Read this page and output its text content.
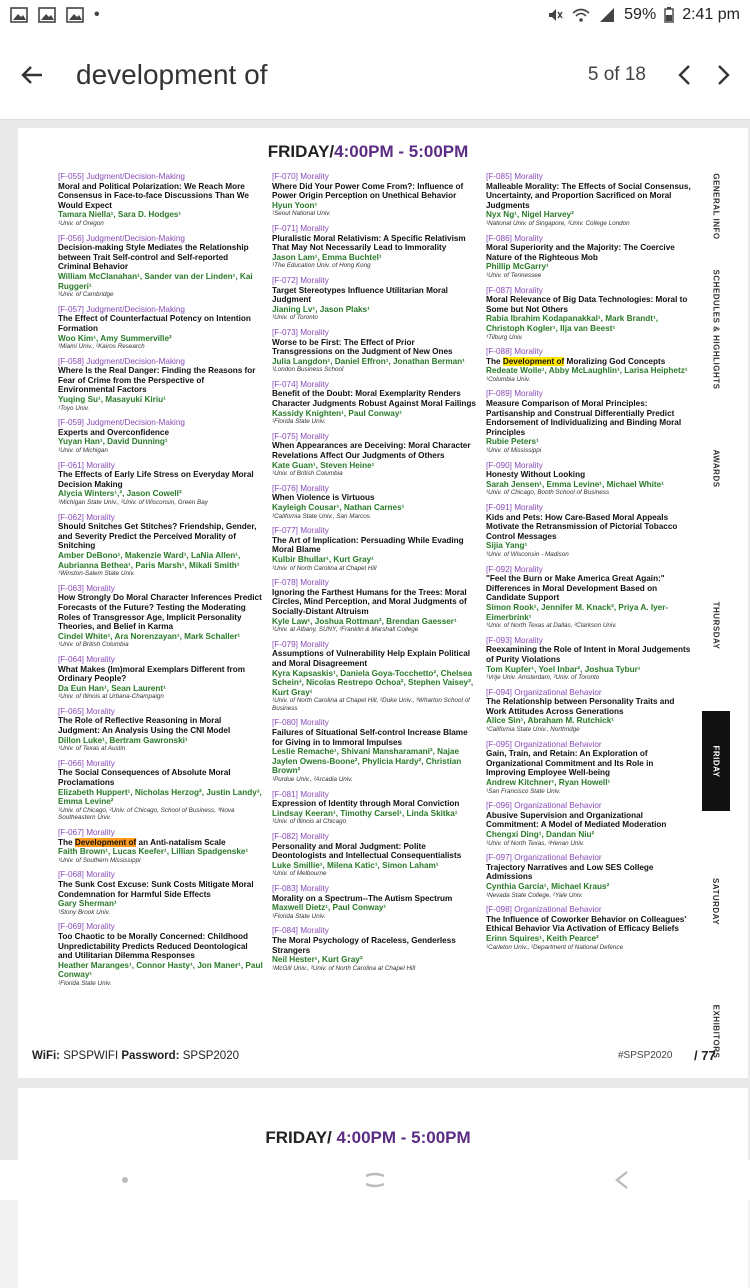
•	59% 2:41 pm
development of	5 of 18
FRIDAY/4:00PM - 5:00PM
[F-055] Judgment/Decision-Making
Moral and Political Polarization: We Reach More Consensus in Face-to-face Discussions Than We Would Expect
Tamara Niella¹, Sara D. Hodges¹
¹Univ. of Oregon
[F-056] Judgment/Decision-Making
Decision-making Style Mediates the Relationship between Trait Self-control and Self-reported Criminal Behavior
William McClanahan¹, Sander van der Linden¹, Kai Ruggeri¹
¹Univ. of Cambridge
[F-057] Judgment/Decision-Making
The Effect of Counterfactual Potency on Intention Formation
Woo Kim¹, Amy Summerville²
¹Miami Univ., ²Kairos Research
[F-058] Judgment/Decision-Making
Where Is the Real Danger: Finding the Reasons for Fear of Crime from the Perspective of Environmental Factors
Yuqing Su¹, Masayuki Kiriu¹
¹Toyo Univ.
[F-059] Judgment/Decision-Making
Experts and Overconfidence
Yuyan Han¹, David Dunning¹
¹Univ. of Michigan
[F-061] Morality
The Effects of Early Life Stress on Everyday Moral Decision Making
Alycia Winters¹,², Jason Cowell²
¹Michigan State Univ., ²Univ. of Wisconsin, Green Bay
[F-062] Morality
Should Snitches Get Stitches? Friendship, Gender, and Severity Predict the Perceived Morality of Snitching
Amber DeBono¹, Makenzie Ward¹, LaNia Allen¹, Aubrianna Bethea¹, Paris Marsh¹, Mikali Smith¹
¹Winston-Salem State Univ.
[F-063] Morality
How Strongly Do Moral Character Inferences Predict Forecasts of the Future? Testing the Moderating Roles of Transgressor Age, Implicit Personality Theories, and Belief in Karma
Cindel White¹, Ara Norenzayan¹, Mark Schaller¹
¹Univ. of British Columbia
[F-064] Morality
What Makes (Im)moral Exemplars Different from Ordinary People?
Da Eun Han¹, Sean Laurent¹
¹Univ. of Illinois at Urbana-Champaign
[F-065] Morality
The Role of Reflective Reasoning in Moral Judgment: An Analysis Using the CNI Model
Dillon Luke¹, Bertram Gawronski¹
¹Univ. of Texas at Austin
[F-066] Morality
The Social Consequences of Absolute Moral Proclamations
Elizabeth Huppert¹, Nicholas Herzog², Justin Landy³, Emma Levine²
¹Univ. of Chicago, ²Univ. of Chicago, School of Business, ³Nova Southeastern Univ.
[F-067] Morality
The Development of an Anti-natalism Scale
Faith Brown¹, Lucas Keefer¹, Lillian Spadgenske¹
¹Univ. of Southern Mississippi
[F-068] Morality
The Sunk Cost Excuse: Sunk Costs Mitigate Moral Condemnation for Harmful Side Effects
Gary Sherman¹
¹Stony Brook Univ.
[F-069] Morality
Too Chaotic to be Morally Concerned: Childhood Unpredictability Predicts Reduced Deontological and Utilitarian Dilemma Responses
Heather Maranges¹, Connor Hasty¹, Jon Maner¹, Paul Conway¹
¹Florida State Univ.
[F-070] Morality
Where Did Your Power Come From?: Influence of Power Origin Perception on Unethical Behavior
Hyun Yoon¹
¹Seoul National Univ.
[F-071] Morality
Pluralistic Moral Relativism: A Specific Relativism That May Not Necessarily Lead to Immorality
Jason Lam¹, Emma Buchtel¹
¹The Education Univ. of Hong Kong
[F-072] Morality
Target Stereotypes Influence Utilitarian Moral Judgment
Jianing Lv¹, Jason Plaks¹
¹Univ. of Toronto
[F-073] Morality
Worse to be First: The Effect of Prior Transgressions on the Judgment of New Ones
Julia Langdon¹, Daniel Effron¹, Jonathan Berman¹
¹London Business School
[F-074] Morality
Benefit of the Doubt: Moral Exemplarity Renders Character Judgments Robust Against Moral Failings
Kassidy Knighten¹, Paul Conway¹
¹Florida State Univ.
[F-075] Morality
When Appearances are Deceiving: Moral Character Revelations Affect Our Judgments of Others
Kate Guan¹, Steven Heine¹
¹Univ. of British Columbia
[F-076] Morality
When Violence is Virtuous
Kayleigh Cousar¹, Nathan Carnes¹
¹California State Univ., San Marcos
[F-077] Morality
The Art of Implication: Persuading While Evading Moral Blame
Kulbir Bhullar¹, Kurt Gray¹
¹Univ. of North Carolina at Chapel Hill
[F-078] Morality
Ignoring the Farthest Humans for the Trees: Moral Circles, Mind Perception, and Moral Judgments of Socially-Distant Altruism
Kyle Law¹, Joshua Rottman², Brendan Gaesser¹
¹Univ. at Albany, SUNY, ²Franklin & Marshall College
[F-079] Morality
Assumptions of Vulnerability Help Explain Political and Moral Disagreement
Kyra Kapsaskis¹, Daniela Goya-Tocchetto², Chelsea Schein³, Nicolas Restrepo Ochoa², Stephen Vaisey², Kurt Gray¹
¹Univ. of North Carolina at Chapel Hill, ²Duke Univ., ³Wharton School of Business
[F-080] Morality
Failures of Situational Self-control Increase Blame for Giving in to Immoral Impulses
Leslie Remache¹, Shivani Mansharamani², Najae Jaylen Owens-Boone², Phylicia Hardy², Christian Brown²
¹Purdue Univ., ²Arcadia Univ.
[F-081] Morality
Expression of Identity through Moral Conviction
Lindsay Keeran¹, Timothy Carsel¹, Linda Skitka¹
¹Univ. of Illinois at Chicago
[F-082] Morality
Personality and Moral Judgment: Polite Deontologists and Intellectual Consequentialists
Luke Smillie¹, Milena Katic¹, Simon Laham¹
¹Univ. of Melbourne
[F-083] Morality
Morality on a Spectrum--The Autism Spectrum
Maxwell Dietz¹, Paul Conway¹
¹Florida State Univ.
[F-084] Morality
The Moral Psychology of Raceless, Genderless Strangers
Neil Hester¹, Kurt Gray²
¹McGill Univ., ²Univ. of North Carolina at Chapel Hill
[F-085] Morality
Malleable Morality: The Effects of Social Consensus, Uncertainty, and Proportion Sacrificed on Moral Judgments
Nyx Ng¹, Nigel Harvey²
¹National Univ. of Singapore, ²Univ. College London
[F-086] Morality
Moral Superiority and the Majority: The Coercive Nature of the Righteous Mob
Phillip McGarry¹
¹Univ. of Tennessee
[F-087] Morality
Moral Relevance of Big Data Technologies: Moral to Some but Not Others
Rabia Ibrahim Kodapanakkal¹, Mark Brandt¹, Christoph Kogler¹, Ilja van Beest¹
¹Tilburg Univ.
[F-088] Morality
The Development of Moralizing God Concepts
Redeate Wolle¹, Abby McLaughlin¹, Larisa Heiphetz¹
¹Columbia Univ.
[F-089] Morality
Measure Comparison of Moral Principles: Partisanship and Construal Differentially Predict Endorsement of Individualizing and Binding Moral Principles
Rubie Peters¹
¹Univ. of Mississippi
[F-090] Morality
Honesty Without Looking
Sarah Jensen¹, Emma Levine¹, Michael White¹
¹Univ. of Chicago, Booth School of Business
[F-091] Morality
Kids and Pets: How Care-Based Moral Appeals Motivate the Retransmission of Pictorial Tobacco Control Messages
Sijia Yang¹
¹Univ. of Wisconsin - Madison
[F-092] Morality
"Feel the Burn or Make America Great Again:" Differences in Moral Development Based on Candidate Support
Simon Rook¹, Jennifer M. Knack², Priya A. Iyer-Eimerbrink¹
¹Univ. of North Texas at Dallas, ²Clarkson Univ.
[F-093] Morality
Reexamining the Role of Intent in Moral Judgements of Purity Violations
Tom Kupfer¹, Yoel Inbar², Joshua Tybur¹
¹Vrije Univ. Amsterdam, ²Univ. of Toronto
[F-094] Organizational Behavior
The Relationship between Personality Traits and Work Attitudes Across Generations
Alice Sin¹, Abraham M. Rutchick¹
¹California State Univ., Northridge
[F-095] Organizational Behavior
Gain, Train, and Retain: An Exploration of Organizational Commitment and Its Role in Improving Employee Well-being
Andrew Kitchner¹, Ryan Howell¹
¹San Francisco State Univ.
[F-096] Organizational Behavior
Abusive Supervision and Organizational Commitment: A Model of Mediated Moderation
Chengxi Ding¹, Dandan Niu²
¹Univ. of North Texas, ²Henan Univ.
[F-097] Organizational Behavior
Trajectory Narratives and Low SES College Admissions
Cynthia Garcia¹, Michael Kraus²
¹Nevada State College, ²Yale Univ.
[F-098] Organizational Behavior
The Influence of Coworker Behavior on Colleagues' Ethical Behavior Via Activation of Efficacy Beliefs
Erinn Squires¹, Keith Pearce²
¹Carleton Univ., ²Department of National Defence
GENERAL INFO
SCHEDULES & HIGHLIGHTS
AWARDS
THURSDAY
FRIDAY
SATURDAY
EXHIBITORS
WiFi: SPSPWIFI Password: SPSP2020	#SPSP2020 / 77
FRIDAY/ 4:00PM - 5:00PM
